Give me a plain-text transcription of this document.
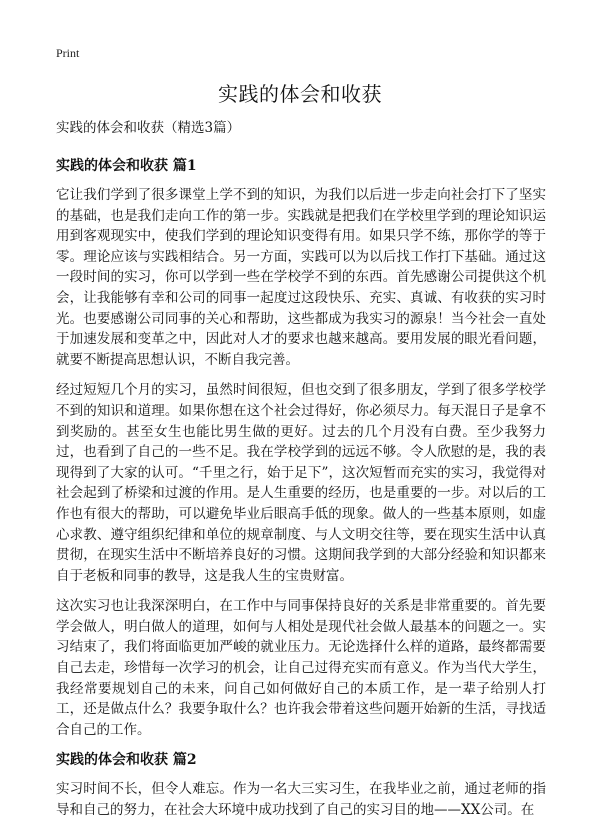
Print
实践的体会和收获

实践的体会和收获（精选3篇）

实践的体会和收获 篇1

它让我们学到了很多课堂上学不到的知识，为我们以后进一步走向社会打下了坚实的基础，也是我们走向工作的第一步。实践就是把我们在学校里学到的理论知识运用到客观现实中，使我们学到的理论知识变得有用。如果只学不练，那你学的等于零。理论应该与实践相结合。另一方面，实践可以为以后找工作打下基础。通过这一段时间的实习，你可以学到一些在学校学不到的东西。首先感谢公司提供这个机会，让我能够有幸和公司的同事一起度过这段快乐、充实、真诚、有收获的实习时光。也要感谢公司同事的关心和帮助，这些都成为我实习的源泉！当今社会一直处于加速发展和变革之中，因此对人才的要求也越来越高。要用发展的眼光看问题，就要不断提高思想认识，不断自我完善。

经过短短几个月的实习，虽然时间很短，但也交到了很多朋友，学到了很多学校学不到的知识和道理。如果你想在这个社会过得好，你必须尽力。每天混日子是拿不到奖励的。甚至女生也能比男生做的更好。过去的几个月没有白费。至少我努力过，也看到了自己的一些不足。我在学校学到的远远不够。令人欣慰的是，我的表现得到了大家的认可。“千里之行，始于足下”，这次短暂而充实的实习，我觉得对社会起到了桥梁和过渡的作用。是人生重要的经历，也是重要的一步。对以后的工作也有很大的帮助，可以避免毕业后眼高手低的现象。做人的一些基本原则，如虚心求教、遵守组织纪律和单位的规章制度、与人文明交往等，要在现实生活中认真贯彻，在现实生活中不断培养良好的习惯。这期间我学到的大部分经验和知识都来自于老板和同事的教导，这是我人生的宝贵财富。

这次实习也让我深深明白，在工作中与同事保持良好的关系是非常重要的。首先要学会做人，明白做人的道理，如何与人相处是现代社会做人最基本的问题之一。实习结束了，我们将面临更加严峻的就业压力。无论选择什么样的道路，最终都需要自己去走，珍惜每一次学习的机会，让自己过得充实而有意义。作为当代大学生，我经常要规划自己的未来，问自己如何做好自己的本质工作，是一辈子给别人打工，还是做点什么？我要争取什么？也许我会带着这些问题开始新的生活，寻找适合自己的工作。

实践的体会和收获 篇2

实习时间不长，但令人难忘。作为一名大三实习生，在我毕业之前，通过老师的指导和自己的努力，在社会大环境中成功找到了自己的实习目的地——XX公司。在
